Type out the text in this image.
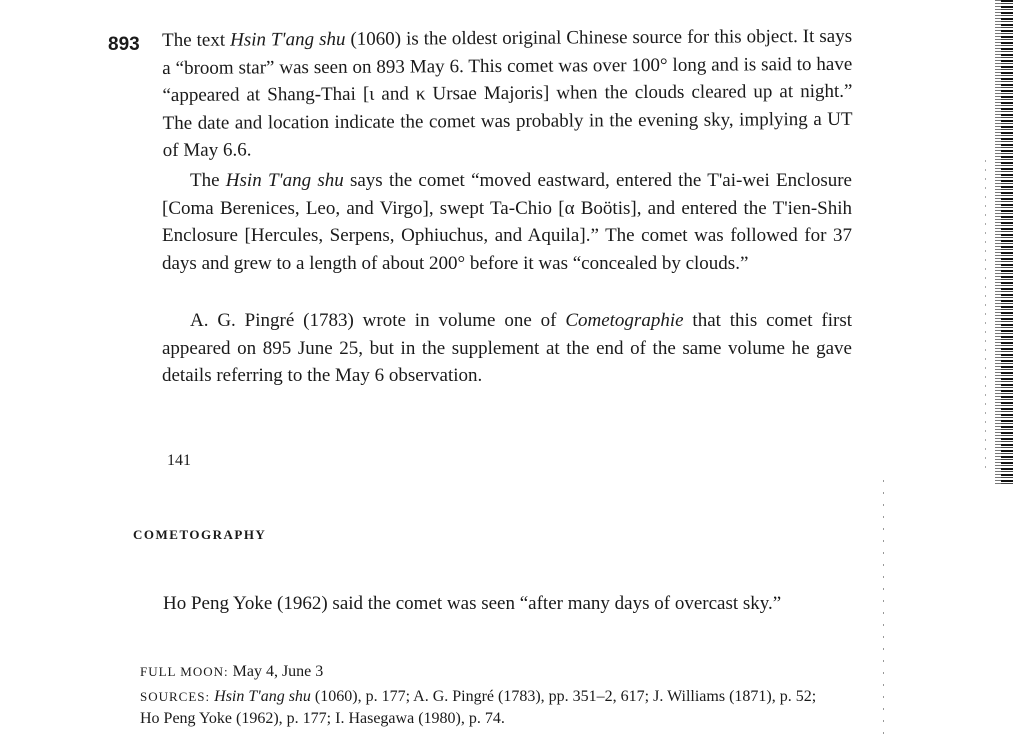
893 The text Hsin T'ang shu (1060) is the oldest original Chinese source for this object. It says a “broom star” was seen on 893 May 6. This comet was over 100° long and is said to have “appeared at Shang-Thai [ι and κ Ursae Majoris] when the clouds cleared up at night.” The date and location indicate the comet was probably in the evening sky, implying a UT of May 6.6.

The Hsin T'ang shu says the comet “moved eastward, entered the T'ai-wei Enclosure [Coma Berenices, Leo, and Virgo], swept Ta-Chio [α Boötis], and entered the T'ien-Shih Enclosure [Hercules, Serpens, Ophiuchus, and Aquila].” The comet was followed for 37 days and grew to a length of about 200° before it was “concealed by clouds.”

A. G. Pingré (1783) wrote in volume one of Cometographie that this comet first appeared on 895 June 25, but in the supplement at the end of the same volume he gave details referring to the May 6 observation.

141
COMETOGRAPHY
Ho Peng Yoke (1962) said the comet was seen “after many days of overcast sky.”
FULL MOON: May 4, June 3
SOURCES: Hsin T'ang shu (1060), p. 177; A. G. Pingré (1783), pp. 351–2, 617; J. Williams (1871), p. 52; Ho Peng Yoke (1962), p. 177; I. Hasegawa (1980), p. 74.
